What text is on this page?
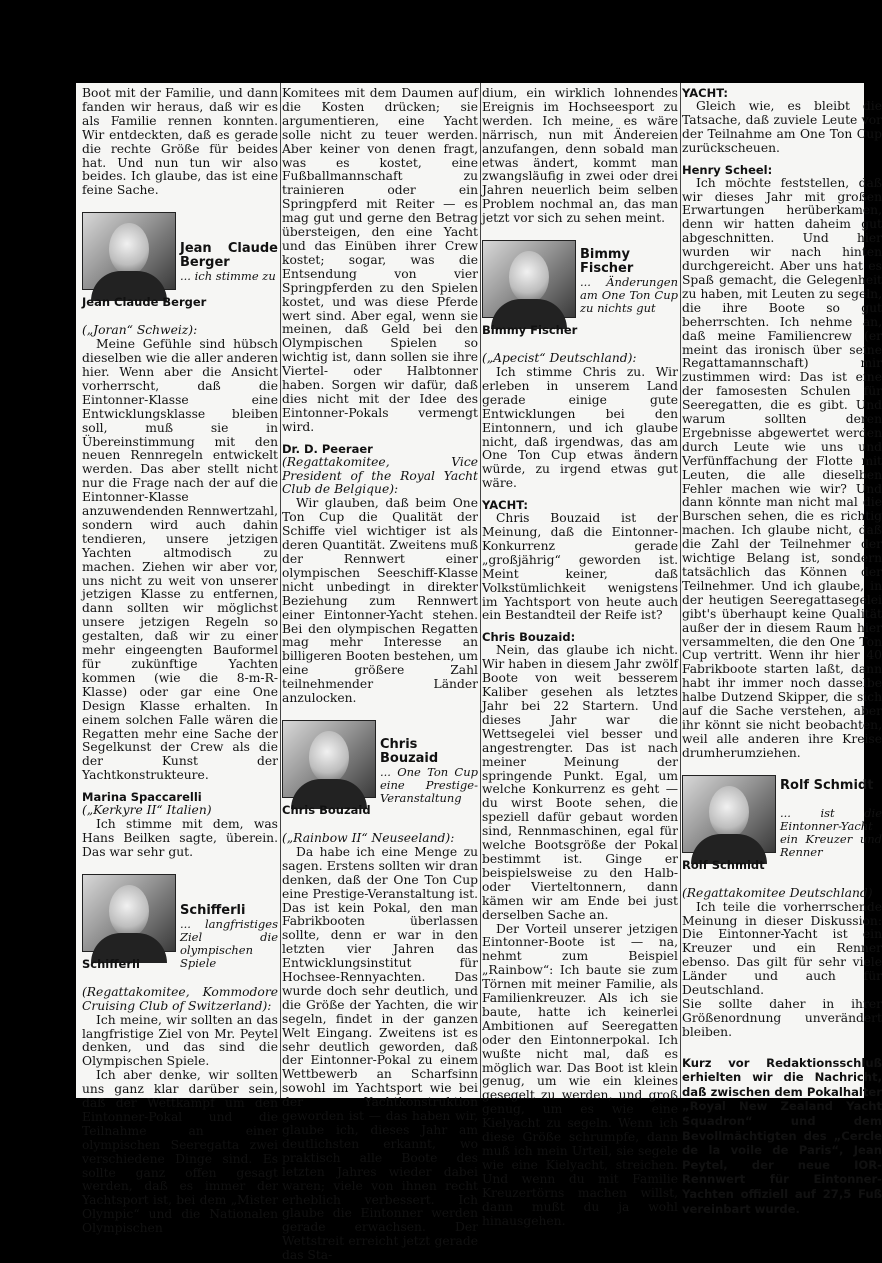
Boot mit der Familie, und dann fanden wir heraus, daß wir es als Familie rennen konnten. Wir entdeckten, daß es gerade die rechte Größe für beides hat. Und nun tun wir also beides. Ich glaube, das ist eine feine Sache.

Jean Claude Berger
... ich stimme zu
Jean Claude Berger

(„Joran“ Schweiz):

Meine Gefühle sind hübsch dieselben wie die aller anderen hier. Wenn aber die Ansicht vorherrscht, daß die Eintonner-Klasse eine Entwicklungsklasse bleiben soll, muß sie in Übereinstimmung mit den neuen Rennregeln entwickelt werden. Das aber stellt nicht nur die Frage nach der auf die Eintonner-Klasse anzuwendenden Rennwertzahl, sondern wird auch dahin tendieren, unsere jetzigen Yachten altmodisch zu machen. Ziehen wir aber vor, uns nicht zu weit von unserer jetzigen Klasse zu entfernen, dann sollten wir möglichst unsere jetzigen Regeln so gestalten, daß wir zu einer mehr eingeengten Bauformel für zukünftige Yachten kommen (wie die 8-m-R-Klasse) oder gar eine One Design Klasse erhalten. In einem solchen Falle wären die Regatten mehr eine Sache der Segelkunst der Crew als die der Kunst der Yachtkonstrukteure.

Marina Spaccarelli

(„Kerkyre II“ Italien)

Ich stimme mit dem, was Hans Beilken sagte, überein. Das war sehr gut.

Schifferli
... langfristiges Ziel die olympischen Spiele
Schifferli

(Regattakomitee, Kommodore Cruising Club of Switzerland):

Ich meine, wir sollten an das langfristige Ziel von Mr. Peytel denken, und das sind die Olympischen Spiele.

Ich aber denke, wir sollten uns ganz klar darüber sein, daß der Wettkampf um den Eintonner-Pokal und die Teilnahme an einer olympischen Seeregatta zwei verschiedene Dinge sind. Es sollte ganz offen gesagt werden, daß es immer der Yachtsport ist, bei dem „Mister Olympic“ und die Nationalen Olympischen

Komitees mit dem Daumen auf die Kosten drücken; sie argumentieren, eine Yacht solle nicht zu teuer werden. Aber keiner von denen fragt, was es kostet, eine Fußballmannschaft zu trainieren oder ein Springpferd mit Reiter — es mag gut und gerne den Betrag übersteigen, den eine Yacht und das Einüben ihrer Crew kostet; sogar, was die Entsendung von vier Springpferden zu den Spielen kostet, und was diese Pferde wert sind. Aber egal, wenn sie meinen, daß Geld bei den Olympischen Spielen so wichtig ist, dann sollen sie ihre Viertel- oder Halbtonner haben. Sorgen wir dafür, daß dies nicht mit der Idee des Eintonner-Pokals vermengt wird.

Dr. D. Peeraer

(Regattakomitee, Vice President of the Royal Yacht Club de Belgique):

Wir glauben, daß beim One Ton Cup die Qualität der Schiffe viel wichtiger ist als deren Quantität. Zweitens muß der Rennwert einer olympischen Seeschiff-Klasse nicht unbedingt in direkter Beziehung zum Rennwert einer Eintonner-Yacht stehen. Bei den olympischen Regatten mag mehr Interesse an billigeren Booten bestehen, um eine größere Zahl teilnehmender Länder anzulocken.

Chris Bouzaid
... One Ton Cup eine Prestige-Veranstaltung
Chris Bouzaid

(„Rainbow II“ Neuseeland):

Da habe ich eine Menge zu sagen. Erstens sollten wir dran denken, daß der One Ton Cup eine Prestige-Veranstaltung ist. Das ist kein Pokal, den man Fabrikbooten überlassen sollte, denn er war in den letzten vier Jahren das Entwicklungsinstitut für Hochsee-Rennyachten. Das wurde doch sehr deutlich, und die Größe der Yachten, die wir segeln, findet in der ganzen Welt Eingang. Zweitens ist es sehr deutlich geworden, daß der Eintonner-Pokal zu einem Wettbewerb an Scharfsinn sowohl im Yachtsport wie bei der Yachtkonstruktion geworden ist — das haben wir, glaube ich, dieses Jahr am deutlichsten erkannt, wo praktisch alle Boote des letzten Jahres wieder dabei waren; viele von ihnen recht erheblich verbessert. Ich glaube die Eintonner werden gerade erwachsen. Der Wettstreit erreicht jetzt gerade das Sta-

dium, ein wirklich lohnendes Ereignis im Hochseesport zu werden. Ich meine, es wäre närrisch, nun mit Ändereien anzufangen, denn sobald man etwas ändert, kommt man zwangsläufig in zwei oder drei Jahren neuerlich beim selben Problem nochmal an, das man jetzt vor sich zu sehen meint.

Bimmy Fischer
... Änderungen am One Ton Cup zu nichts gut
Bimmy Fischer

(„Apecist“ Deutschland):

Ich stimme Chris zu. Wir erleben in unserem Land gerade einige gute Entwicklungen bei den Eintonnern, und ich glaube nicht, daß irgendwas, das am One Ton Cup etwas ändern würde, zu irgend etwas gut wäre.

YACHT:

Chris Bouzaid ist der Meinung, daß die Eintonner-Konkurrenz gerade „großjährig“ geworden ist. Meint keiner, daß Volkstümlichkeit wenigstens im Yachtsport von heute auch ein Bestandteil der Reife ist?

Chris Bouzaid:

Nein, das glaube ich nicht. Wir haben in diesem Jahr zwölf Boote von weit besserem Kaliber gesehen als letztes Jahr bei 22 Startern. Und dieses Jahr war die Wettsegelei viel besser und angestrengter. Das ist nach meiner Meinung der springende Punkt. Egal, um welche Konkurrenz es geht — du wirst Boote sehen, die speziell dafür gebaut worden sind, Rennmaschinen, egal für welche Bootsgröße der Pokal bestimmt ist. Ginge er beispielsweise zu den Halb- oder Vierteltonnern, dann kämen wir am Ende bei just derselben Sache an.

Der Vorteil unserer jetzigen Eintonner-Boote ist — na, nehmt zum Beispiel „Rainbow“: Ich baute sie zum Törnen mit meiner Familie, als Familienkreuzer. Als ich sie baute, hatte ich keinerlei Ambitionen auf Seeregatten oder den Eintonnerpokal. Ich wußte nicht mal, daß es möglich war. Das Boot ist klein genug, um wie ein kleines gesegelt zu werden, und groß genug, um es wie eine Kielyacht zu segeln. Wenn ich diese Größe schrumpfe, dann muß ich mein Urteil, sie segele wie eine Kielyacht, streichen. Und wenn du mit Familie Kreuzertörns machen willst, dann mußt du ja wohl hinausgehen.

YACHT:

Gleich wie, es bleibt die Tatsache, daß zuviele Leute vor der Teilnahme am One Ton Cup zurückscheuen.

Henry Scheel:

Ich möchte feststellen, daß wir dieses Jahr mit großen Erwartungen herüberkamen, denn wir hatten daheim gut abgeschnitten. Und hier wurden wir nach hinten durchgereicht. Aber uns hat es Spaß gemacht, die Gelegenheit zu haben, mit Leuten zu segeln, die ihre Boote so gut beherrschten. Ich nehme an, daß meine Familiencrew (er meint das ironisch über seine Regattamannschaft) mir zustimmen wird: Das ist eine der famosesten Schulen für Seeregatten, die es gibt. Und warum sollten deren Ergebnisse abgewertet werden durch Leute wie uns und Verfünffachung der Flotte mit Leuten, die alle dieselben Fehler machen wie wir? Und dann könnte man nicht mal die Burschen sehen, die es richtig machen. Ich glaube nicht, daß die Zahl der Teilnehmer der wichtige Belang ist, sondern tatsächlich das Können der Teilnehmer. Und ich glaube, in der heutigen Seeregattasegelei gibt's überhaupt keine Qualität außer der in diesem Raum hier versammelten, die den One Ton Cup vertritt. Wenn ihr hier 40 Fabrikboote starten laßt, dann habt ihr immer noch dasselbe halbe Dutzend Skipper, die sich auf die Sache verstehen, aber ihr könnt sie nicht beobachten, weil alle anderen ihre Kreise drumherumziehen.

Rolf Schmidt
... ist die Eintonner-Yacht ein Kreuzer und Renner
Rolf Schmidt

(Regattakomitee Deutschland)

Ich teile die vorherrschende Meinung in dieser Diskussion: Die Eintonner-Yacht ist ein Kreuzer und ein Renner ebenso. Das gilt für sehr viele Länder und auch für Deutschland.

Sie sollte daher in ihrer Größenordnung unverändert bleiben.

Kurz vor Redaktionsschluß erhielten wir die Nachricht, daß zwischen dem Pokalhalter „Royal New Zealand Yacht Squadron“ und dem Bevollmächtigten des „Cercle de la voile de Paris“, Jean Peytel, der neue IOR-Rennwert für Eintonner-Yachten offiziell auf 27,5 Fuß vereinbart wurde.
